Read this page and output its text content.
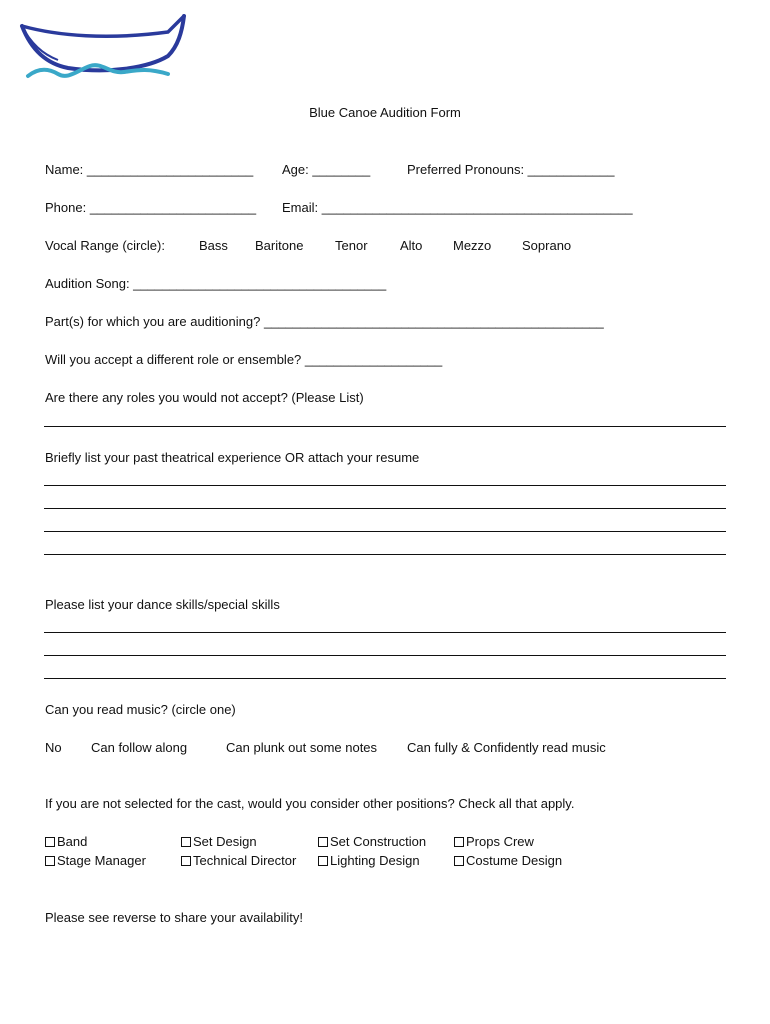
Blue Canoe Audition Form
Name: _______________________ Age: ________	Preferred Pronouns: ____________
Phone: _______________________ Email: ___________________________________________
Vocal Range (circle):	Bass Baritone Tenor Alto Mezzo Soprano
Audition Song: ___________________________________
Part(s) for which you are auditioning? _______________________________________________
Will you accept a different role or ensemble? ___________________
Are there any roles you would not accept? (Please List)
Briefly list your past theatrical experience OR attach your resume
Please list your dance skills/special skills
Can you read music? (circle one)
No Can follow along	Can plunk out some notes Can fully & Confidently read music
If you are not selected for the cast, would you consider other positions? Check all that apply.
Band	Set Design	Set Construction	Props Crew
Stage Manager	Technical Director	Lighting Design	Costume Design
Please see reverse to share your availability!
